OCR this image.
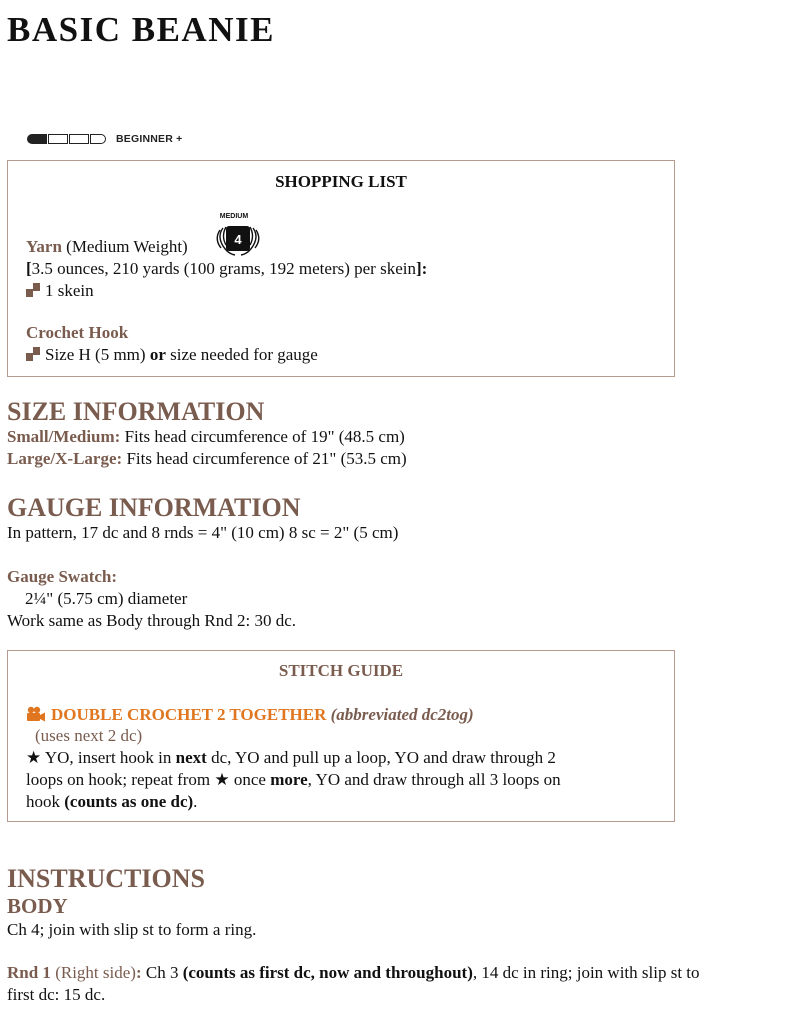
BASIC BEANIE
BEGINNER +
SHOPPING LIST
MEDIUM
4
Yarn (Medium Weight)
[3.5 ounces, 210 yards (100 grams, 192 meters) per skein]:
1 skein
Crochet Hook
Size H (5 mm) or size needed for gauge
SIZE INFORMATION
Small/Medium: Fits head circumference of 19" (48.5 cm)
Large/X-Large: Fits head circumference of 21" (53.5 cm)
GAUGE INFORMATION
In pattern, 17 dc and 8 rnds = 4" (10 cm) 8 sc = 2" (5 cm)
Gauge Swatch:
2¼" (5.75 cm) diameter
Work same as Body through Rnd 2: 30 dc.
STITCH GUIDE
DOUBLE CROCHET 2 TOGETHER (abbreviated dc2tog)
(uses next 2 dc)
★ YO, insert hook in next dc, YO and pull up a loop, YO and draw through 2
loops on hook; repeat from ★ once more, YO and draw through all 3 loops on
hook (counts as one dc).
INSTRUCTIONS
BODY
Ch 4; join with slip st to form a ring.
Rnd 1 (Right side): Ch 3 (counts as first dc, now and throughout), 14 dc in ring; join with slip st to
first dc: 15 dc.
